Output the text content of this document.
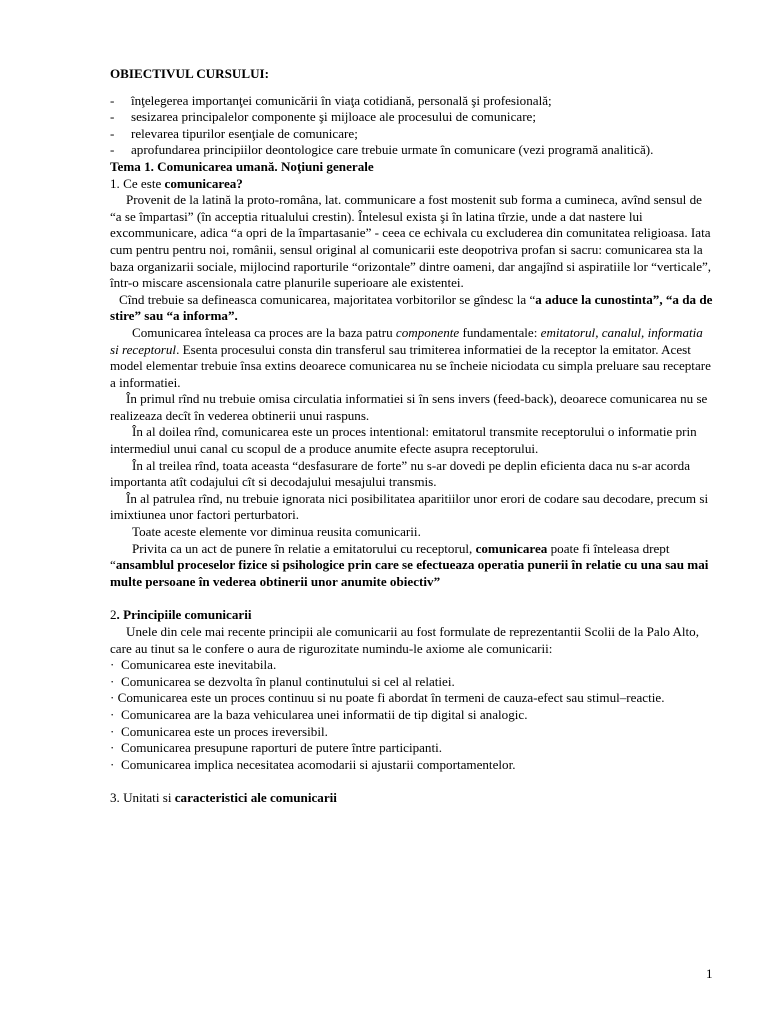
OBIECTIVUL CURSULUI:
- înţelegerea importanţei comunicării în viaţa cotidiană, personală şi profesională;
- sesizarea principalelor componente şi mijloace ale procesului de comunicare;
- relevarea tipurilor esenţiale de comunicare;
- aprofundarea principiilor deontologice care trebuie urmate în comunicare (vezi programă analitică).
Tema 1. Comunicarea umană. Noţiuni generale

1. Ce este comunicarea?

Provenit de la latină la proto-româna, lat. communicare a fost mostenit sub forma a cumineca, avînd sensul de “a se împartasi” (în acceptia ritualului crestin). Întelesul exista şi în latina tîrzie, unde a dat nastere lui excommunicare, adica “a opri de la împartasanie” - ceea ce echivala cu excluderea din comunitatea religioasa. Iata cum pentru pentru noi, românii, sensul original al comunicarii este deopotriva profan si sacru: comunicarea sta la baza organizarii sociale, mijlocind raporturile “orizontale” dintre oameni, dar angajînd si aspiratiile lor “verticale”, într-o miscare ascensionala catre planurile superioare ale existentei.

Cînd trebuie sa defineasca comunicarea, majoritatea vorbitorilor se gîndesc la “a aduce la cunostinta”, “a da de stire” sau “a informa”.

Comunicarea înteleasa ca proces are la baza patru componente fundamentale: emitatorul, canalul, informatia si receptorul. Esenta procesului consta din transferul sau trimiterea informatiei de la receptor la emitator. Acest model elementar trebuie însa extins deoarece comunicarea nu se încheie niciodata cu simpla preluare sau receptare a informatiei.

În primul rînd nu trebuie omisa circulatia informatiei si în sens invers (feed-back), deoarece comunicarea nu se realizeaza decît în vederea obtinerii unui raspuns.

În al doilea rînd, comunicarea este un proces intentional: emitatorul transmite receptorului o informatie prin intermediul unui canal cu scopul de a produce anumite efecte asupra receptorului.

În al treilea rînd, toata aceasta “desfasurare de forte” nu s-ar dovedi pe deplin eficienta daca nu s-ar acorda importanta atît codajului cît si decodajului mesajului transmis.

În al patrulea rînd, nu trebuie ignorata nici posibilitatea aparitiilor unor erori de codare sau decodare, precum si imixtiunea unor factori perturbatori.

Toate aceste elemente vor diminua reusita comunicarii.

Privita ca un act de punere în relatie a emitatorului cu receptorul, comunicarea poate fi înteleasa drept “ansamblul proceselor fizice si psihologice prin care se efectueaza operatia punerii în relatie cu una sau mai multe persoane în vederea obtinerii unor anumite obiectiv”

2. Principiile comunicarii

Unele din cele mai recente principii ale comunicarii au fost formulate de reprezentantii Scolii de la Palo Alto, care au tinut sa le confere o aura de rigurozitate numindu-le axiome ale comunicarii:

· Comunicarea este inevitabila.
· Comunicarea se dezvolta în planul continutului si cel al relatiei.
· Comunicarea este un proces continuu si nu poate fi abordat în termeni de cauza-efect sau stimul–reactie.
· Comunicarea are la baza vehicularea unei informatii de tip digital si analogic.
· Comunicarea este un proces ireversibil.
· Comunicarea presupune raporturi de putere între participanti.
· Comunicarea implica necesitatea acomodarii si ajustarii comportamentelor.

3. Unitati si caracteristici ale comunicarii

1
